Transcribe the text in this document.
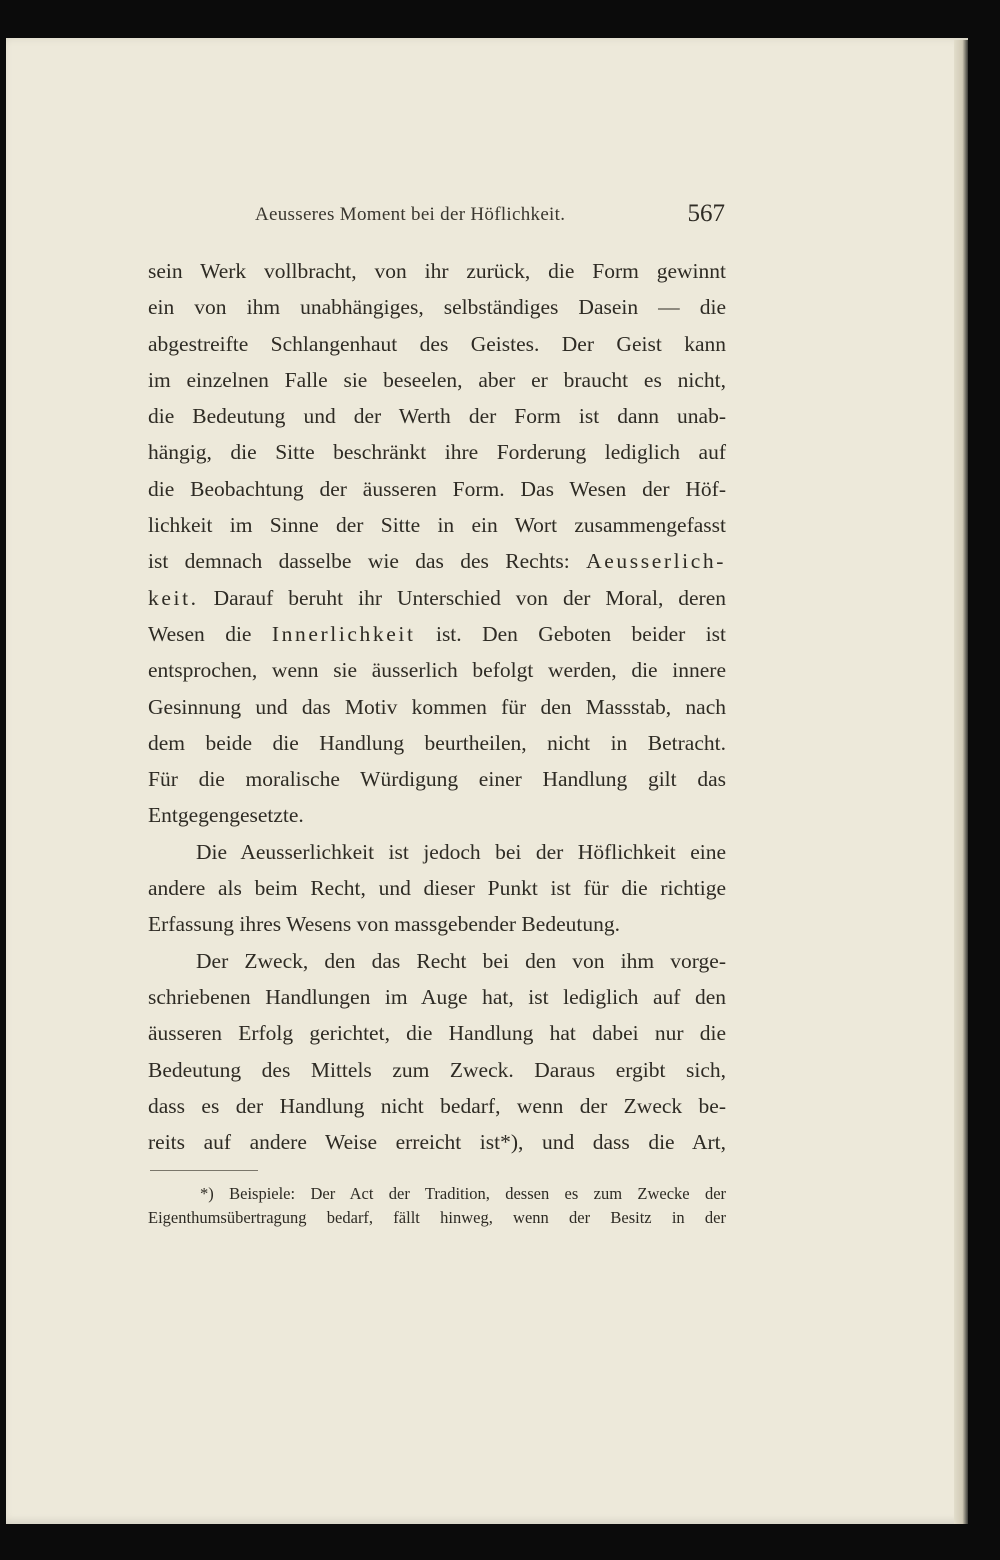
Aeusseres Moment bei der Höflichkeit.	567
sein Werk vollbracht, von ihr zurück, die Form gewinnt
ein von ihm unabhängiges, selbständiges Dasein — die
abgestreifte Schlangenhaut des Geistes. Der Geist kann
im einzelnen Falle sie beseelen, aber er braucht es nicht,
die Bedeutung und der Werth der Form ist dann unab-
hängig, die Sitte beschränkt ihre Forderung lediglich auf
die Beobachtung der äusseren Form. Das Wesen der Höf-
lichkeit im Sinne der Sitte in ein Wort zusammengefasst
ist demnach dasselbe wie das des Rechts: Aeusserlich-
keit. Darauf beruht ihr Unterschied von der Moral, deren
Wesen die Innerlichkeit ist. Den Geboten beider ist
entsprochen, wenn sie äusserlich befolgt werden, die innere
Gesinnung und das Motiv kommen für den Massstab, nach
dem beide die Handlung beurtheilen, nicht in Betracht.
Für die moralische Würdigung einer Handlung gilt das
Entgegengesetzte.
Die Aeusserlichkeit ist jedoch bei der Höflichkeit eine
andere als beim Recht, und dieser Punkt ist für die richtige
Erfassung ihres Wesens von massgebender Bedeutung.
Der Zweck, den das Recht bei den von ihm vorge-
schriebenen Handlungen im Auge hat, ist lediglich auf den
äusseren Erfolg gerichtet, die Handlung hat dabei nur die
Bedeutung des Mittels zum Zweck. Daraus ergibt sich,
dass es der Handlung nicht bedarf, wenn der Zweck be-
reits auf andere Weise erreicht ist*), und dass die Art,
*) Beispiele: Der Act der Tradition, dessen es zum Zwecke der
Eigenthumsübertragung bedarf, fällt hinweg, wenn der Besitz in der
